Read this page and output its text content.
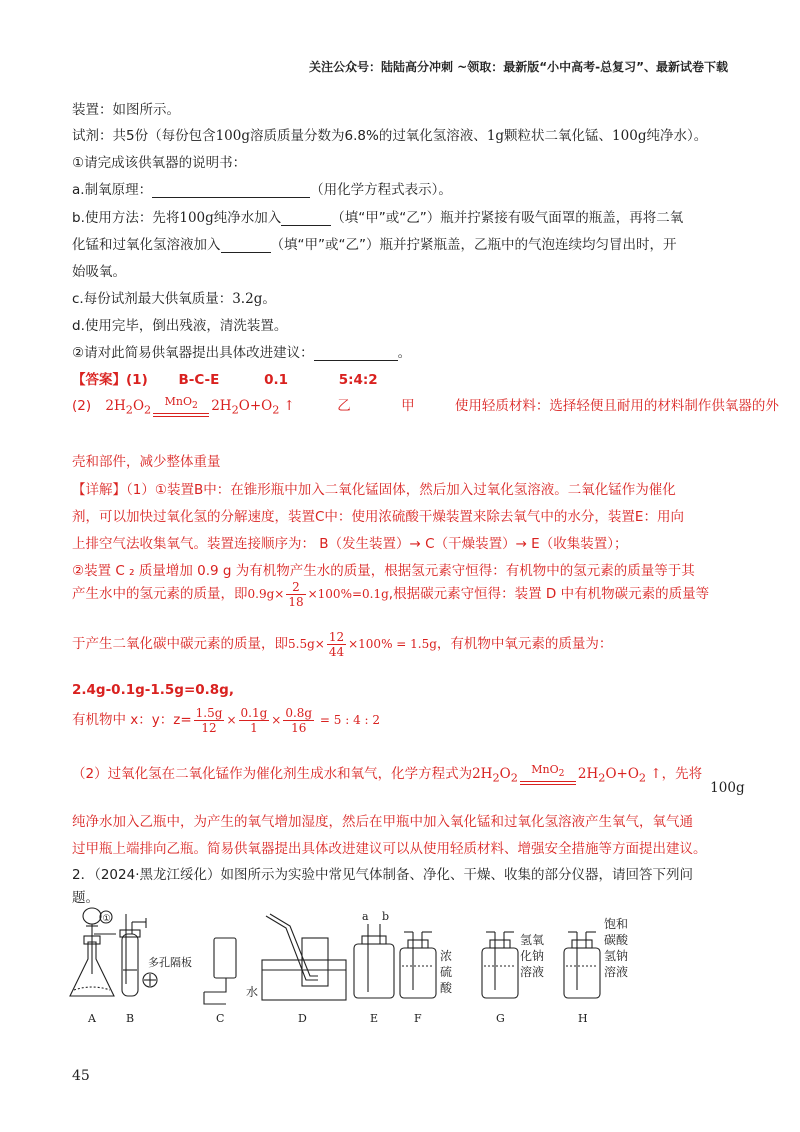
关注公众号：陆陆高分冲刺 ~领取：最新版“小中高考-总复习”、最新试卷下载
装置：如图所示。
试剂：共5份（每份包含100g溶质质量分数为6.8%的过氧化氢溶液、1g颗粒状二氧化锰、100g纯净水）。
①请完成该供氧器的说明书：
a.制氧原理：	（用化学方程式表示）。
b.使用方法：先将100g纯净水加入	（填“甲”或“乙”）瓶并拧紧接有吸气面罩的瓶盖，再将二氧
化锰和过氧化氢溶液加入	（填“甲”或“乙”）瓶并拧紧瓶盖，乙瓶中的气泡连续均匀冒出时，开
始吸氧。
c.每份试剂最大供氧质量：3.2g。
d.使用完毕，倒出残液，清洗装置。
②请对此简易供氧器提出具体改进建议：	。
【答案】(1) B-C-E	0.1	5:4:2
(2) $2H_2O_2$
MnO$_2$ $2H_2O+O_2$ ↑	乙	甲	使用轻质材料：选择轻便且耐用的材料制作供氧器的外
壳和部件，减少整体重量
【详解】（1）①装置B中：在锥形瓶中加入二氧化锰固体，然后加入过氧化氢溶液。二氧化锰作为催化
剂，可以加快过氧化氢的分解速度，装置C中：使用浓硫酸干燥装置来除去氧气中的水分，装置E：用向
上排空气法收集氧气。装置连接顺序为： B（发生装置）→ C（干燥装置）→ E（收集装置）；
②装置 C ₂ 质量增加 0.9 g 为有机物产生水的质量，根据氢元素守恒得：有机物中的氢元素的质量等于其
产生水中的氢元素的质量，即$0.9g\times \frac{2}{18} \times 100\%=0.1g$,根据碳元素守恒得：装置 D 中有机物碳元素的质量等
于产生二氧化碳中碳元素的质量，即$5.5g\times \frac{12}{44} \times 100\% = 1.5g$，有机物中氧元素的质量为：
2.4g-0.1g-1.5g=0.8g,
有机物中 x：y：$z= \frac{1.5g}{12} \times \frac{0.1g}{1} \times \frac{0.8g}{16} = 5$ : 4 : 2
（2）过氧化氢在二氧化锰作为催化剂生成水和氧气，化学方程式为$2H_2O_2$
MnO$_2$ $2H_2O+O_2$ ↑，先将100g
纯净水加入乙瓶中，为产生的氧气增加湿度，然后在甲瓶中加入氧化锰和过氧化氢溶液产生氧气，氧气通
过甲瓶上端排向乙瓶。简易供氧器提出具体改进建议可以从使用轻质材料、增强安全措施等方面提出建议。
2．（2024·黑龙江绥化）如图所示为实验中常见气体制备、净化、干燥、收集的部分仪器，请回答下列问
题。
①
多孔隔板
水
a b
浓
硫
酸
氢氧
化钠
溶液
饱和
碳酸
氢钠
溶液
A	B	C	D	E	F	G	H
45
